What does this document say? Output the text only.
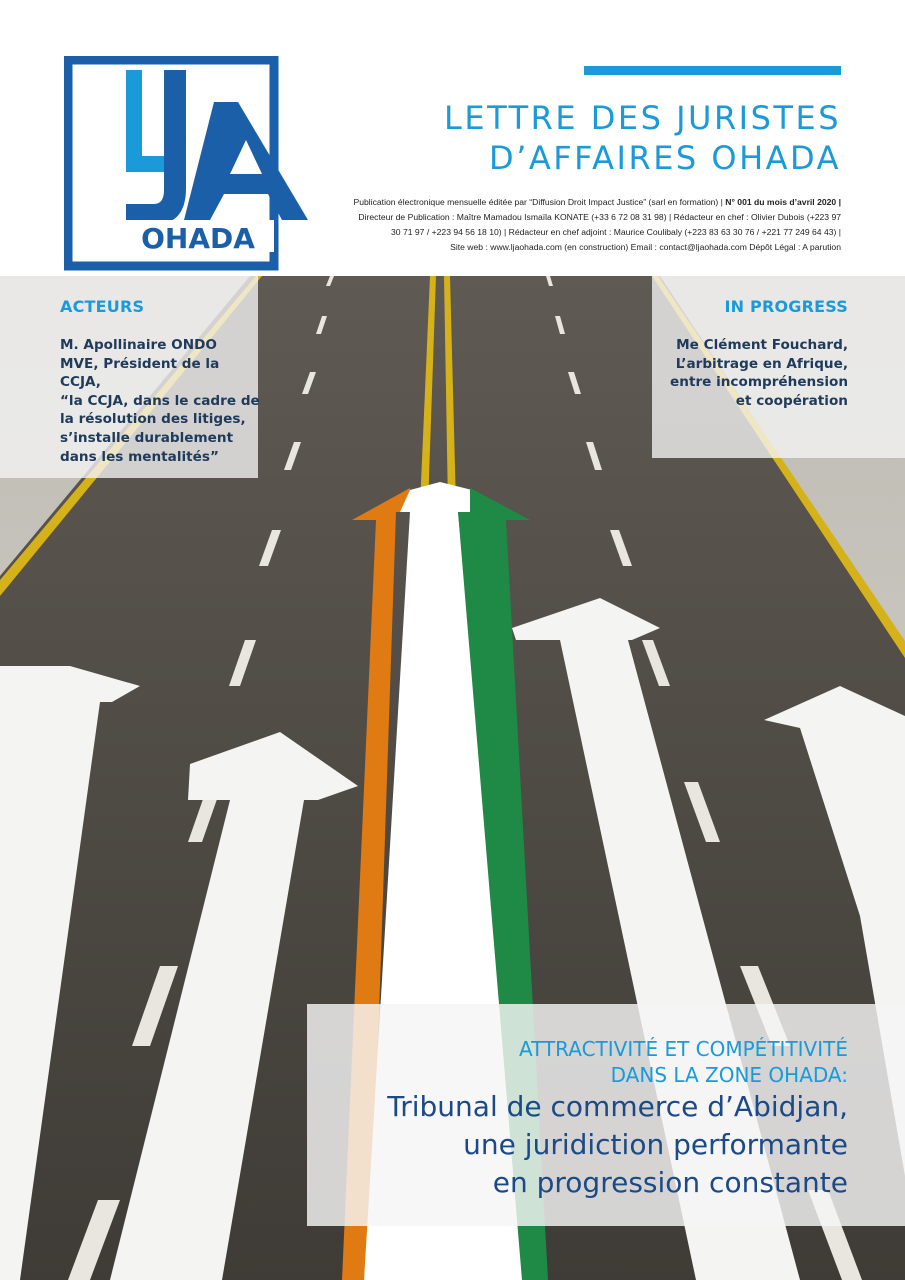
OHADA
LETTRE DES JURISTES
D’AFFAIRES OHADA
Publication électronique mensuelle éditée par “Diffusion Droit Impact Justice” (sarl en formation) | N° 001 du mois d’avril 2020 |
Directeur de Publication : Maître Mamadou Ismaïla KONATE (+33 6 72 08 31 98) | Rédacteur en chef : Olivier Dubois (+223 97
30 71 97 / +223 94 56 18 10) | Rédacteur en chef adjoint : Maurice Coulibaly (+223 83 63 30 76 / +221 77 249 64 43) |
Site web : www.ljaohada.com (en construction) Email : contact@ljaohada.com Dépôt Légal : A parution
ACTEURS
M. Apollinaire ONDO
MVE, Président de la
CCJA,
“la CCJA, dans le cadre de
la résolution des litiges,
s’installe durablement
dans les mentalités”
IN PROGRESS
Me Clément Fouchard,
L’arbitrage en Afrique,
entre incompréhension
et coopération
ATTRACTIVITÉ ET COMPÉTITIVITÉ
DANS LA ZONE OHADA:
Tribunal de commerce d’Abidjan,
une juridiction performante
en progression constante
